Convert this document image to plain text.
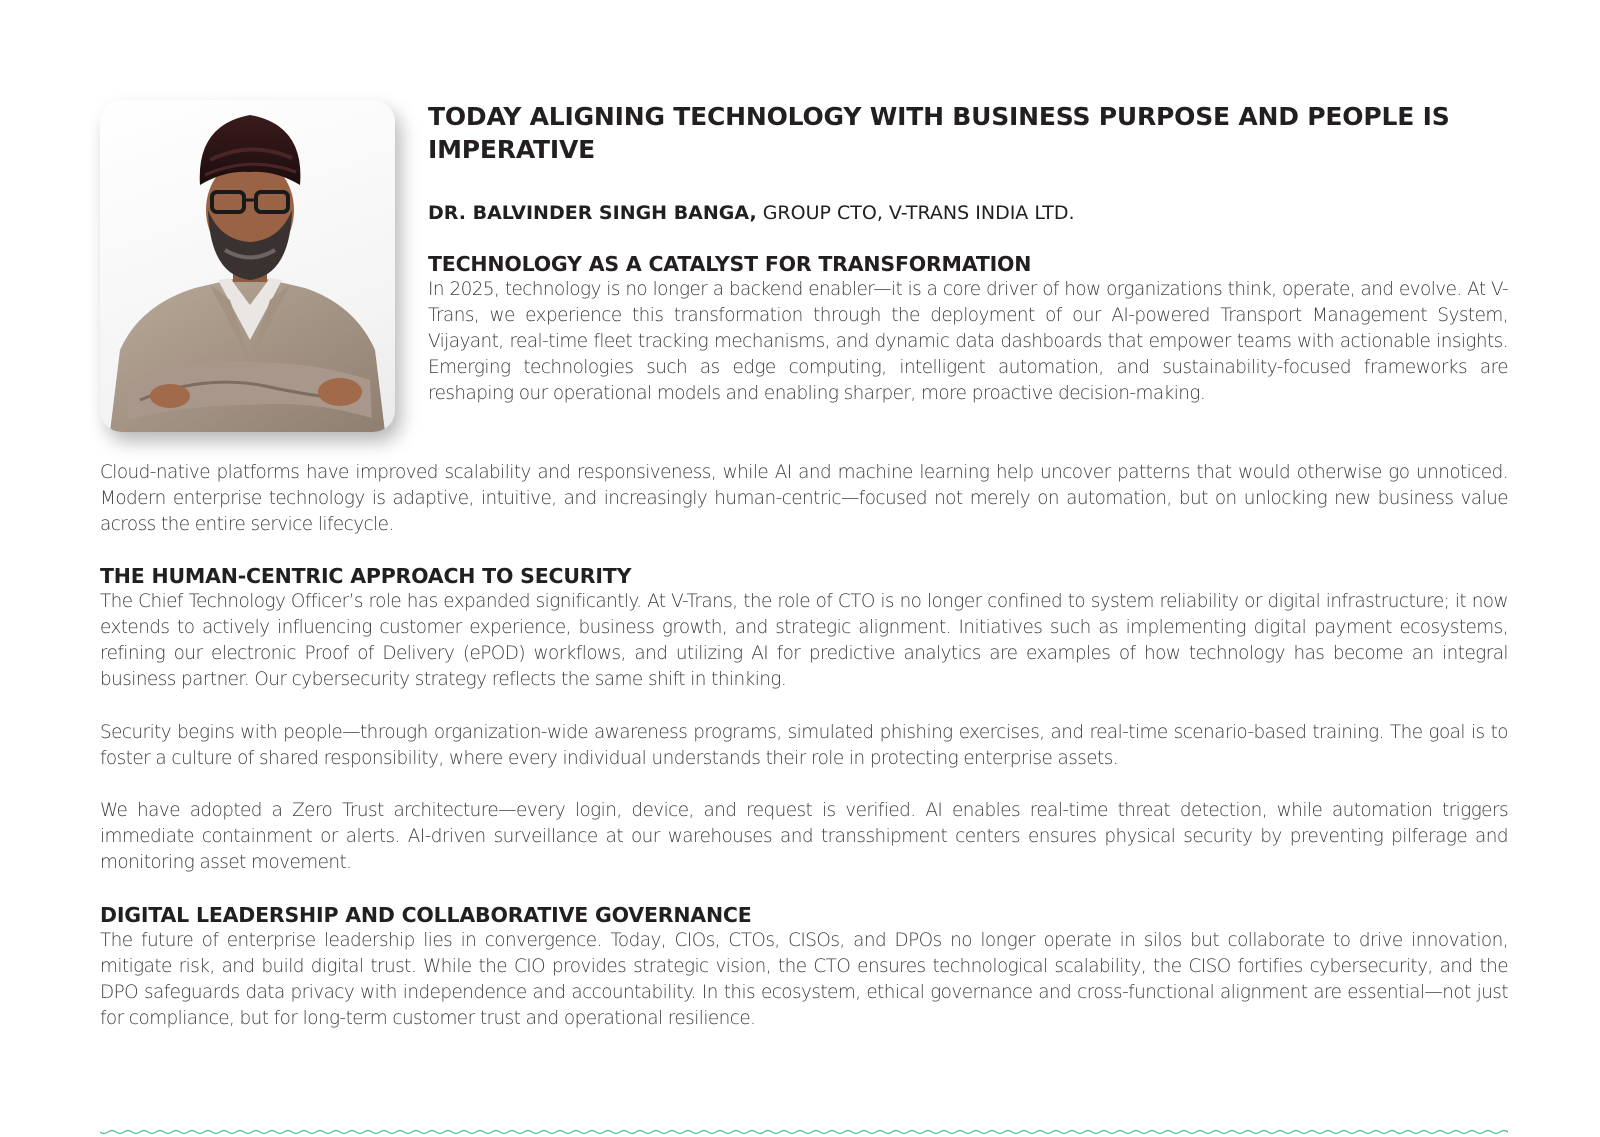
TODAY ALIGNING TECHNOLOGY WITH BUSINESS PURPOSE AND PEOPLE IS IMPERATIVE

DR. BALVINDER SINGH BANGA, GROUP CTO, V-TRANS INDIA LTD.

TECHNOLOGY AS A CATALYST FOR TRANSFORMATION

In 2025, technology is no longer a backend enabler—it is a core driver of how organizations think, operate, and evolve. At V-Trans, we experience this transformation through the deployment of our AI-powered Transport Management System, Vijayant, real-time fleet tracking mechanisms, and dynamic data dashboards that empower teams with actionable insights. Emerging technologies such as edge computing, intelligent automation, and sustainability-focused frameworks are reshaping our operational models and enabling sharper, more proactive decision-making.

Cloud-native platforms have improved scalability and responsiveness, while AI and machine learning help uncover patterns that would otherwise go unnoticed. Modern enterprise technology is adaptive, intuitive, and increasingly human-centric—focused not merely on automation, but on unlocking new business value across the entire service lifecycle.

THE HUMAN-CENTRIC APPROACH TO SECURITY

The Chief Technology Officer’s role has expanded significantly. At V-Trans, the role of CTO is no longer confined to system reliability or digital infrastructure; it now extends to actively influencing customer experience, business growth, and strategic alignment. Initiatives such as implementing digital payment ecosystems, refining our electronic Proof of Delivery (ePOD) workflows, and utilizing AI for predictive analytics are examples of how technology has become an integral business partner. Our cybersecurity strategy reflects the same shift in thinking.

Security begins with people—through organization-wide awareness programs, simulated phishing exercises, and real-time scenario-based training. The goal is to foster a culture of shared responsibility, where every individual understands their role in protecting enterprise assets.

We have adopted a Zero Trust architecture—every login, device, and request is verified. AI enables real-time threat detection, while automation triggers immediate containment or alerts. AI-driven surveillance at our warehouses and transshipment centers ensures physical security by preventing pilferage and monitoring asset movement.

DIGITAL LEADERSHIP AND COLLABORATIVE GOVERNANCE

The future of enterprise leadership lies in convergence. Today, CIOs, CTOs, CISOs, and DPOs no longer operate in silos but collaborate to drive innovation, mitigate risk, and build digital trust. While the CIO provides strategic vision, the CTO ensures technological scalability, the CISO fortifies cybersecurity, and the DPO safeguards data privacy with independence and accountability. In this ecosystem, ethical governance and cross-functional alignment are essential—not just for compliance, but for long-term customer trust and operational resilience.
